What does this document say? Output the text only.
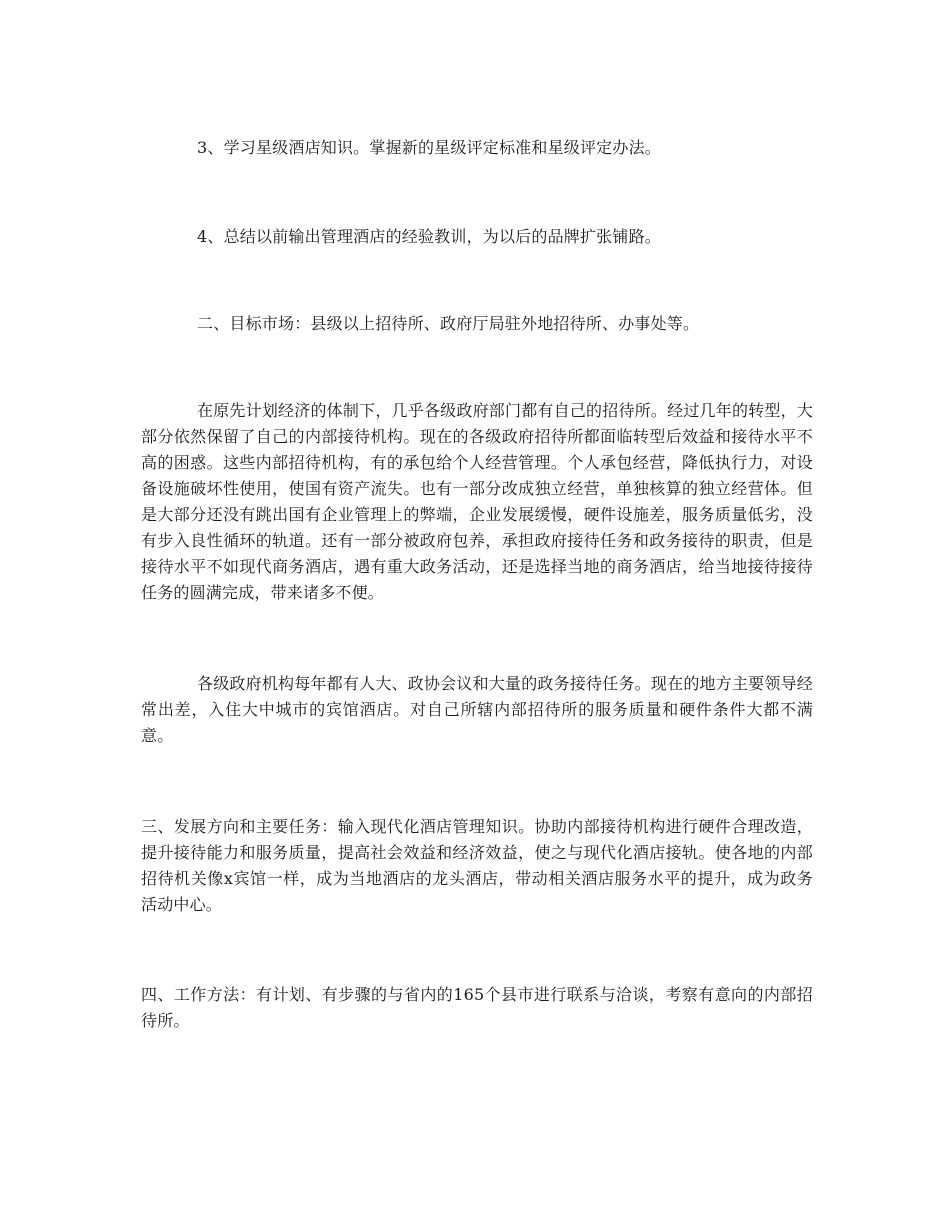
3、学习星级酒店知识。掌握新的星级评定标准和星级评定办法。

4、总结以前输出管理酒店的经验教训，为以后的品牌扩张铺路。

二、目标市场：县级以上招待所、政府厅局驻外地招待所、办事处等。

在原先计划经济的体制下，几乎各级政府部门都有自己的招待所。经过几年的转型，大部分依然保留了自己的内部接待机构。现在的各级政府招待所都面临转型后效益和接待水平不高的困惑。这些内部招待机构，有的承包给个人经营管理。个人承包经营，降低执行力，对设备设施破坏性使用，使国有资产流失。也有一部分改成独立经营，单独核算的独立经营体。但是大部分还没有跳出国有企业管理上的弊端，企业发展缓慢，硬件设施差，服务质量低劣，没有步入良性循环的轨道。还有一部分被政府包养，承担政府接待任务和政务接待的职责，但是接待水平不如现代商务酒店，遇有重大政务活动，还是选择当地的商务酒店，给当地接待接待任务的圆满完成，带来诸多不便。

各级政府机构每年都有人大、政协会议和大量的政务接待任务。现在的地方主要领导经常出差，入住大中城市的宾馆酒店。对自己所辖内部招待所的服务质量和硬件条件大都不满意。

三、发展方向和主要任务：输入现代化酒店管理知识。协助内部接待机构进行硬件合理改造，提升接待能力和服务质量，提高社会效益和经济效益，使之与现代化酒店接轨。使各地的内部招待机关像x宾馆一样，成为当地酒店的龙头酒店，带动相关酒店服务水平的提升，成为政务活动中心。

四、工作方法：有计划、有步骤的与省内的165个县市进行联系与洽谈，考察有意向的内部招待所。
